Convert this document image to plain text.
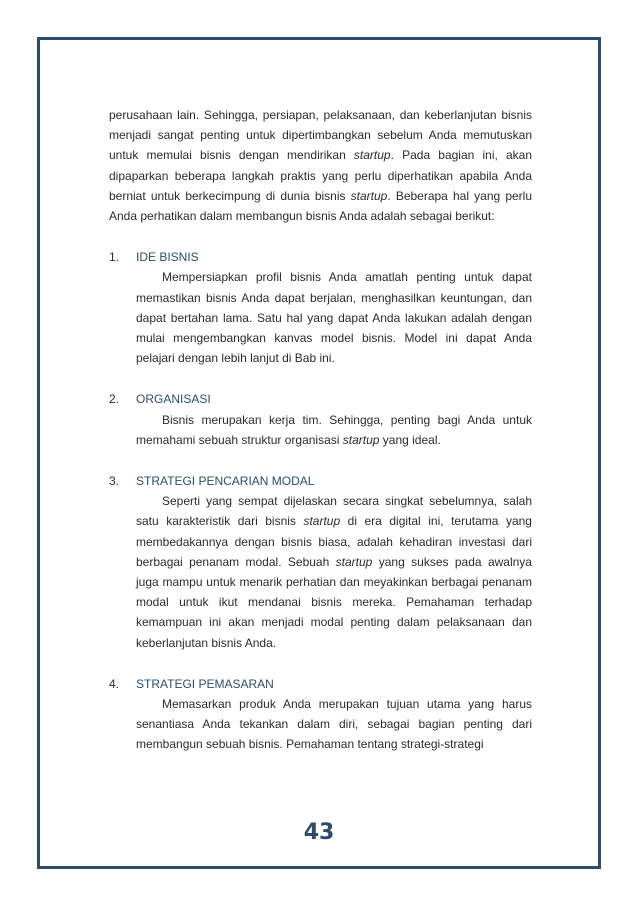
perusahaan lain. Sehingga, persiapan, pelaksanaan, dan keberlanjutan bisnis menjadi sangat penting untuk dipertimbangkan sebelum Anda memutuskan untuk memulai bisnis dengan mendirikan startup. Pada bagian ini, akan dipaparkan beberapa langkah praktis yang perlu diperhatikan apabila Anda berniat untuk berkecimpung di dunia bisnis startup. Beberapa hal yang perlu Anda perhatikan dalam membangun bisnis Anda adalah sebagai berikut:

1.	IDE BISNIS

Mempersiapkan profil bisnis Anda amatlah penting untuk dapat memastikan bisnis Anda dapat berjalan, menghasilkan keuntungan, dan dapat bertahan lama. Satu hal yang dapat Anda lakukan adalah dengan mulai mengembangkan kanvas model bisnis. Model ini dapat Anda pelajari dengan lebih lanjut di Bab ini.

2.	ORGANISASI

Bisnis merupakan kerja tim. Sehingga, penting bagi Anda untuk memahami sebuah struktur organisasi startup yang ideal.

3.	STRATEGI PENCARIAN MODAL

Seperti yang sempat dijelaskan secara singkat sebelumnya, salah satu karakteristik dari bisnis startup di era digital ini, terutama yang membedakannya dengan bisnis biasa, adalah kehadiran investasi dari berbagai penanam modal. Sebuah startup yang sukses pada awalnya juga mampu untuk menarik perhatian dan meyakinkan berbagai penanam modal untuk ikut mendanai bisnis mereka. Pemahaman terhadap kemampuan ini akan menjadi modal penting dalam pelaksanaan dan keberlanjutan bisnis Anda.

4.	STRATEGI PEMASARAN

Memasarkan produk Anda merupakan tujuan utama yang harus senantiasa Anda tekankan dalam diri, sebagai bagian penting dari membangun sebuah bisnis. Pemahaman tentang strategi-strategi

43
